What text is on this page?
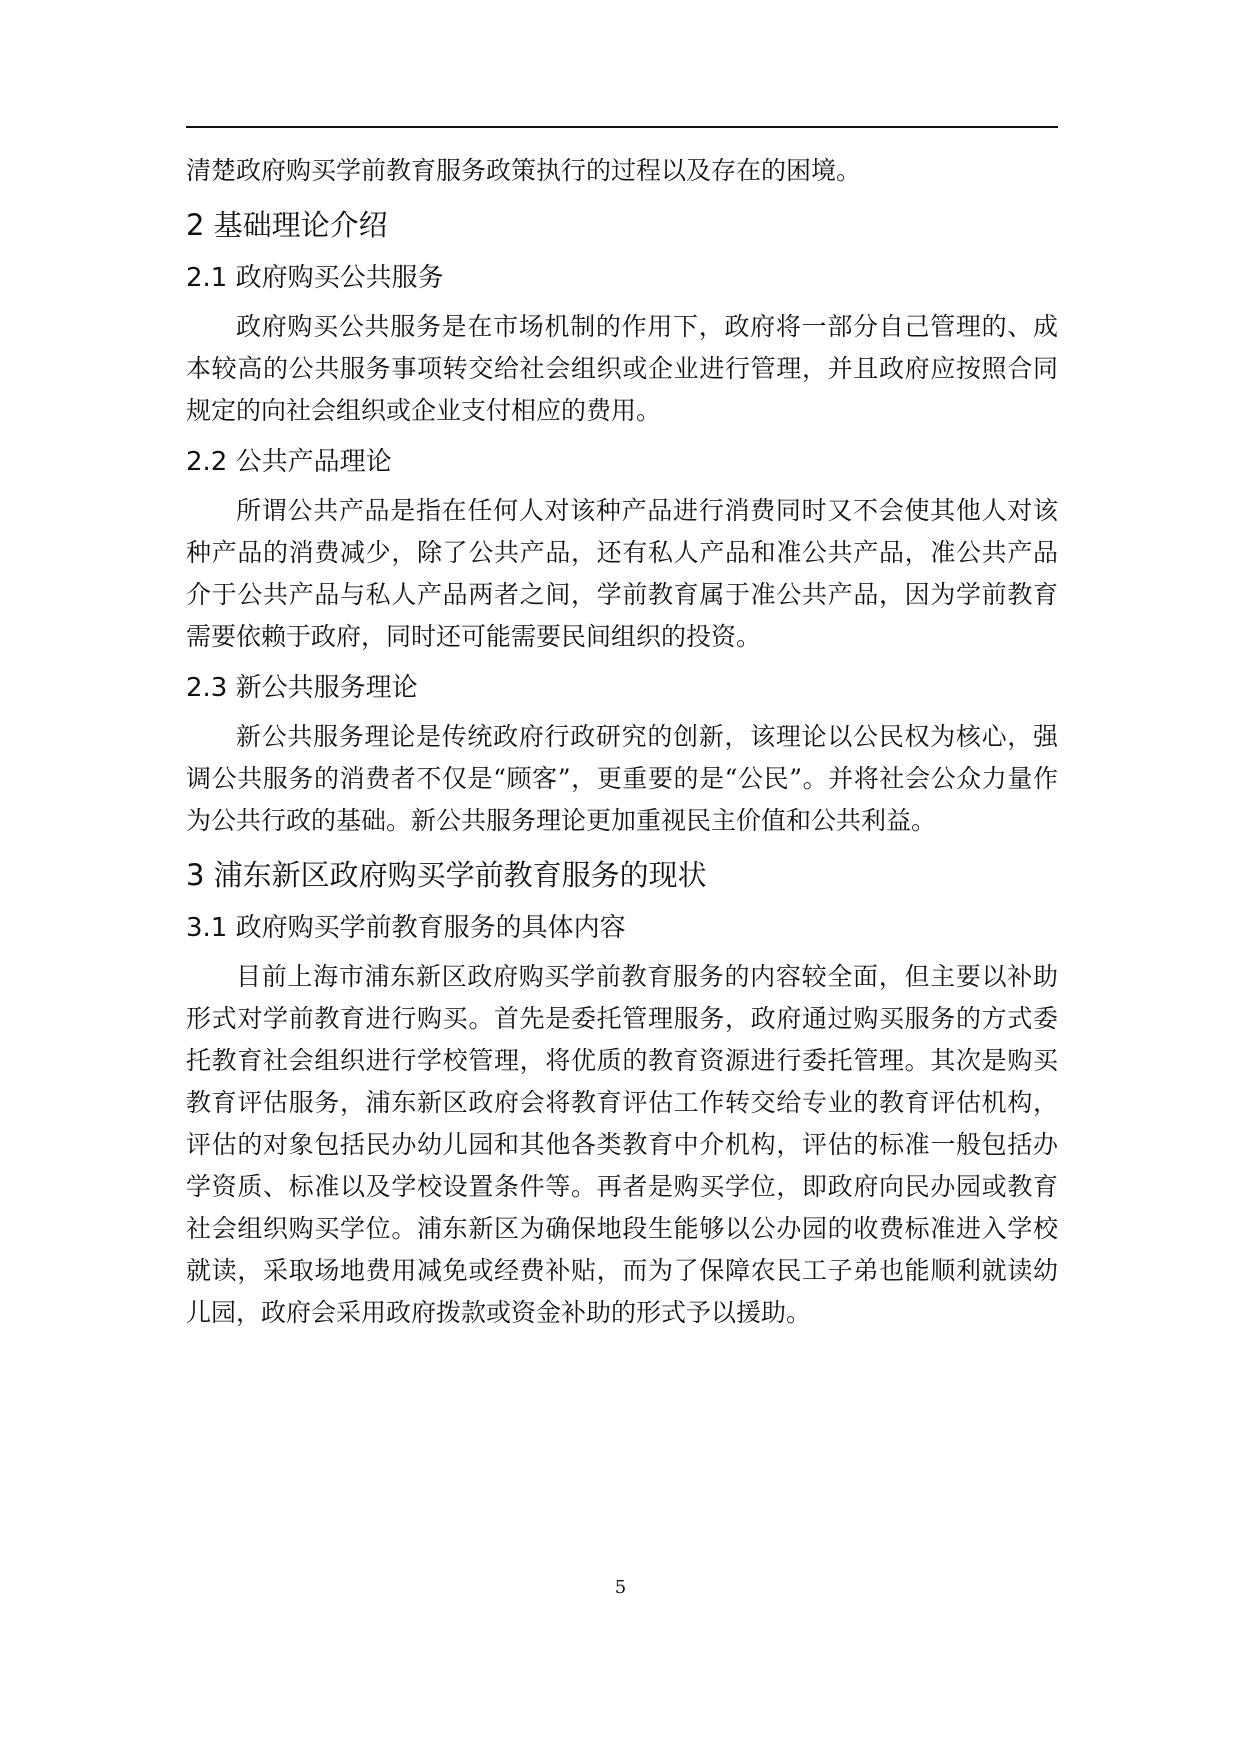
清楚政府购买学前教育服务政策执行的过程以及存在的困境。

2 基础理论介绍
2.1 政府购买公共服务

政府购买公共服务是在市场机制的作用下，政府将一部分自己管理的、成本较高的公共服务事项转交给社会组织或企业进行管理，并且政府应按照合同规定的向社会组织或企业支付相应的费用。

2.2 公共产品理论

所谓公共产品是指在任何人对该种产品进行消费同时又不会使其他人对该种产品的消费减少，除了公共产品，还有私人产品和准公共产品，准公共产品介于公共产品与私人产品两者之间，学前教育属于准公共产品，因为学前教育需要依赖于政府，同时还可能需要民间组织的投资。

2.3 新公共服务理论

新公共服务理论是传统政府行政研究的创新，该理论以公民权为核心，强调公共服务的消费者不仅是“顾客”，更重要的是“公民”。并将社会公众力量作为公共行政的基础。新公共服务理论更加重视民主价值和公共利益。

3 浦东新区政府购买学前教育服务的现状
3.1 政府购买学前教育服务的具体内容

目前上海市浦东新区政府购买学前教育服务的内容较全面，但主要以补助形式对学前教育进行购买。首先是委托管理服务，政府通过购买服务的方式委托教育社会组织进行学校管理，将优质的教育资源进行委托管理。其次是购买教育评估服务，浦东新区政府会将教育评估工作转交给专业的教育评估机构，评估的对象包括民办幼儿园和其他各类教育中介机构，评估的标准一般包括办学资质、标准以及学校设置条件等。再者是购买学位，即政府向民办园或教育社会组织购买学位。浦东新区为确保地段生能够以公办园的收费标准进入学校就读，采取场地费用减免或经费补贴，而为了保障农民工子弟也能顺利就读幼儿园，政府会采用政府拨款或资金补助的形式予以援助。

5
